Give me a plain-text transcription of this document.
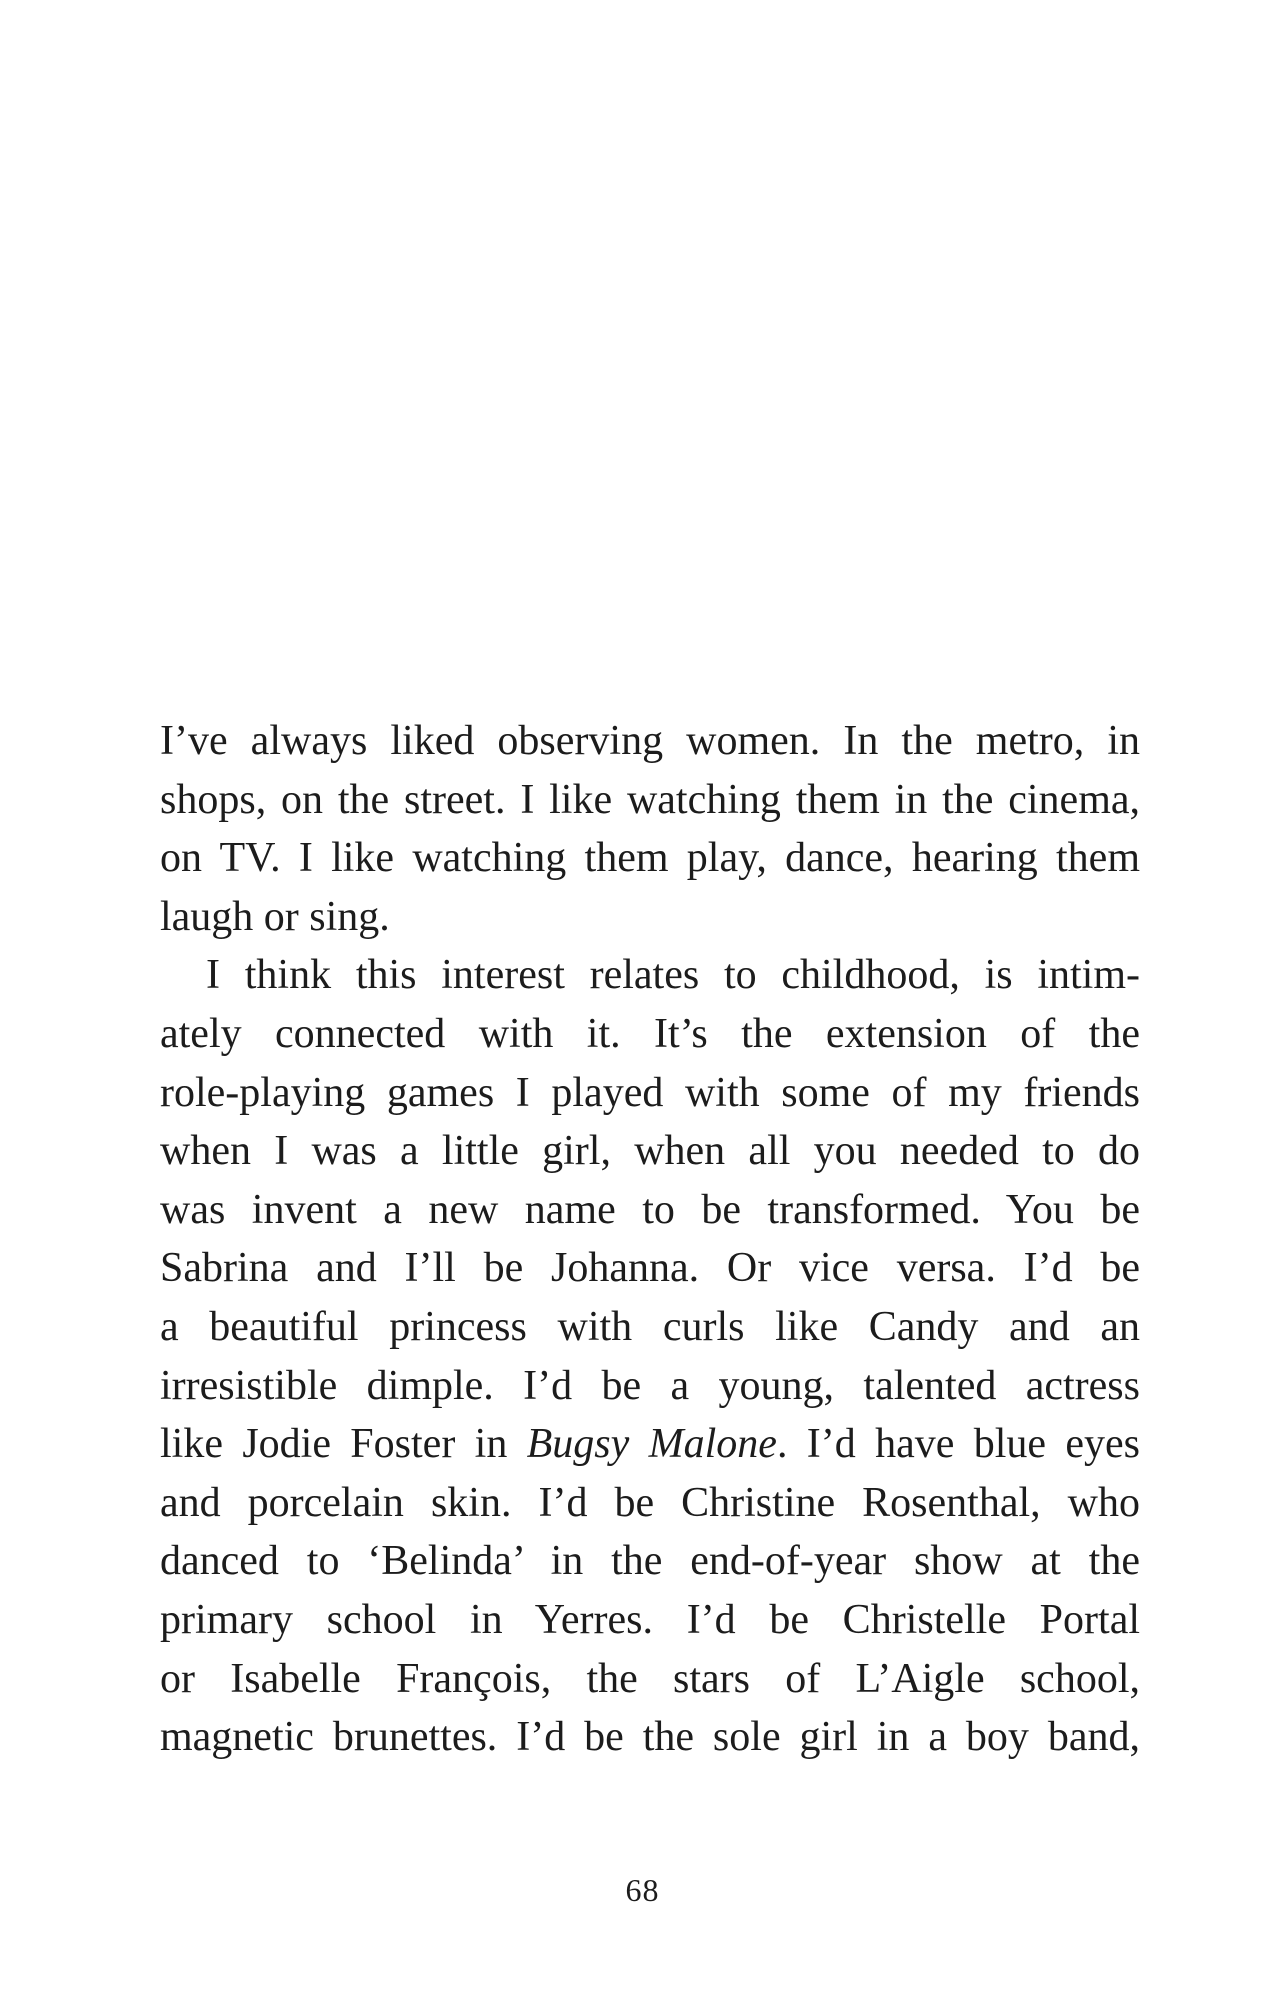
I’ve always liked observing women. In the metro, in
shops, on the street. I like watching them in the cinema,
on TV. I like watching them play, dance, hearing them
laugh or sing.
I think this interest relates to childhood, is intim-
ately connected with it. It’s the extension of the
role-playing games I played with some of my friends
when I was a little girl, when all you needed to do
was invent a new name to be transformed. You be
Sabrina and I’ll be Johanna. Or vice versa. I’d be
a beautiful princess with curls like Candy and an
irresistible dimple. I’d be a young, talented actress
like Jodie Foster in Bugsy Malone. I’d have blue eyes
and porcelain skin. I’d be Christine Rosenthal, who
danced to ‘Belinda’ in the end-of-year show at the
primary school in Yerres. I’d be Christelle Portal
or Isabelle François, the stars of L’Aigle school,
magnetic brunettes. I’d be the sole girl in a boy band,
68
